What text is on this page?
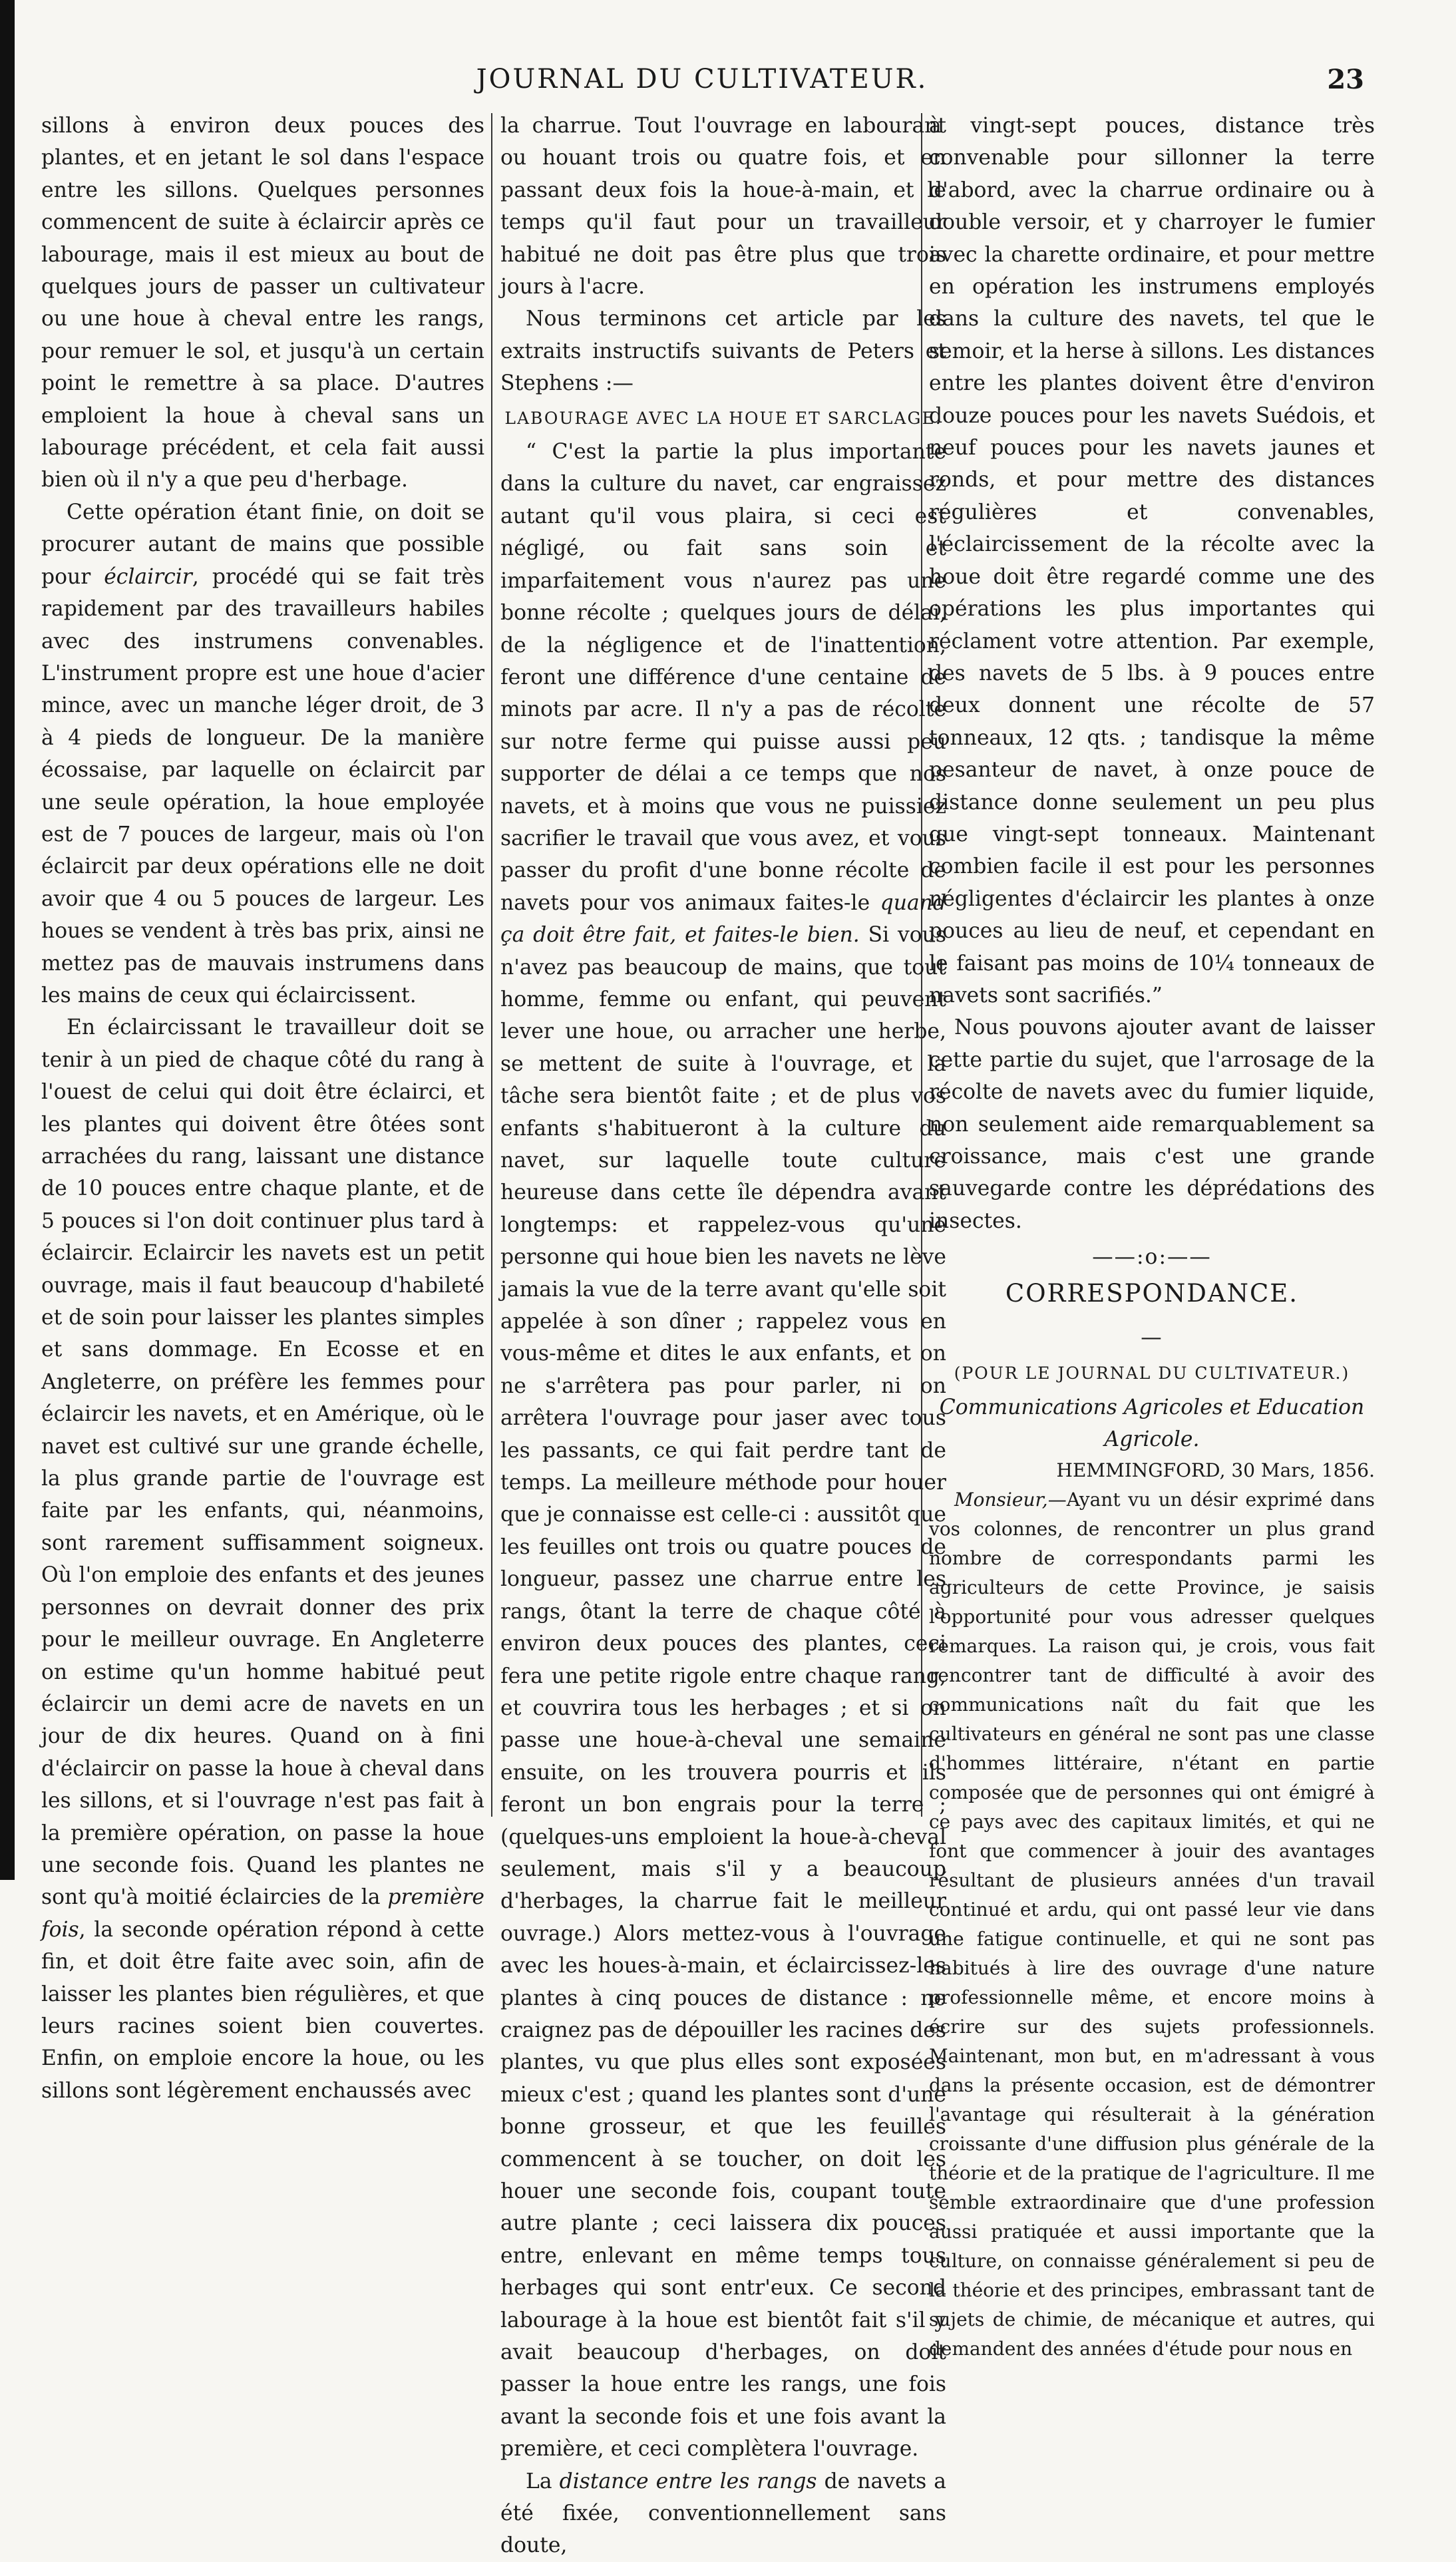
JOURNAL DU CULTIVATEUR.	23

sillons à environ deux pouces des plantes, et en jetant le sol dans l'espace entre les sillons. Quelques personnes commencent de suite à éclaircir après ce labourage, mais il est mieux au bout de quelques jours de passer un cultivateur ou une houe à cheval entre les rangs, pour remuer le sol, et jusqu'à un certain point le remettre à sa place. D'autres emploient la houe à cheval sans un labourage précédent, et cela fait aussi bien où il n'y a que peu d'herbage.

Cette opération étant finie, on doit se procurer autant de mains que possible pour éclaircir, procédé qui se fait très rapidement par des travailleurs habiles avec des instrumens convenables. L'instrument propre est une houe d'acier mince, avec un manche léger droit, de 3 à 4 pieds de longueur. De la manière écossaise, par laquelle on éclaircit par une seule opération, la houe employée est de 7 pouces de largeur, mais où l'on éclaircit par deux opérations elle ne doit avoir que 4 ou 5 pouces de largeur. Les houes se vendent à très bas prix, ainsi ne mettez pas de mauvais instrumens dans les mains de ceux qui éclaircissent.

En éclaircissant le travailleur doit se tenir à un pied de chaque côté du rang à l'ouest de celui qui doit être éclairci, et les plantes qui doivent être ôtées sont arrachées du rang, laissant une distance de 10 pouces entre chaque plante, et de 5 pouces si l'on doit continuer plus tard à éclaircir. Eclaircir les navets est un petit ouvrage, mais il faut beaucoup d'habileté et de soin pour laisser les plantes simples et sans dommage. En Ecosse et en Angleterre, on préfère les femmes pour éclaircir les navets, et en Amérique, où le navet est cultivé sur une grande échelle, la plus grande partie de l'ouvrage est faite par les enfants, qui, néanmoins, sont rarement suffisamment soigneux. Où l'on emploie des enfants et des jeunes personnes on devrait donner des prix pour le meilleur ouvrage. En Angleterre on estime qu'un homme habitué peut éclaircir un demi acre de navets en un jour de dix heures. Quand on à fini d'éclaircir on passe la houe à cheval dans les sillons, et si l'ouvrage n'est pas fait à la première opération, on passe la houe une seconde fois. Quand les plantes ne sont qu'à moitié éclaircies de la première fois, la seconde opération répond à cette fin, et doit être faite avec soin, afin de laisser les plantes bien régulières, et que leurs racines soient bien couvertes. Enfin, on emploie encore la houe, ou les sillons sont légèrement enchaussés avec

la charrue. Tout l'ouvrage en labourant ou houant trois ou quatre fois, et en passant deux fois la houe-à-main, et le temps qu'il faut pour un travailleur habitué ne doit pas être plus que trois jours à l'acre.

Nous terminons cet article par les extraits instructifs suivants de Peters et Stephens :—

LABOURAGE AVEC LA HOUE ET SARCLAGE.

“ C'est la partie la plus importante dans la culture du navet, car engraissez autant qu'il vous plaira, si ceci est négligé, ou fait sans soin et imparfaitement vous n'aurez pas une bonne récolte ; quelques jours de délai, de la négligence et de l'inattention, feront une différence d'une centaine de minots par acre. Il n'y a pas de récolte sur notre ferme qui puisse aussi peu supporter de délai a ce temps que nos navets, et à moins que vous ne puissiez sacrifier le travail que vous avez, et vous passer du profit d'une bonne récolte de navets pour vos animaux faites-le quand ça doit être fait, et faites-le bien. Si vous n'avez pas beaucoup de mains, que tout homme, femme ou enfant, qui peuvent lever une houe, ou arracher une herbe, se mettent de suite à l'ouvrage, et la tâche sera bientôt faite ; et de plus vos enfants s'habitueront à la culture du navet, sur laquelle toute culture heureuse dans cette île dépendra avant longtemps: et rappelez-vous qu'une personne qui houe bien les navets ne lève jamais la vue de la terre avant qu'elle soit appelée à son dîner ; rappelez vous en vous-même et dites le aux enfants, et on ne s'arrêtera pas pour parler, ni on arrêtera l'ouvrage pour jaser avec tous les passants, ce qui fait perdre tant de temps. La meilleure méthode pour houer que je connaisse est celle-ci : aussitôt que les feuilles ont trois ou quatre pouces de longueur, passez une charrue entre les rangs, ôtant la terre de chaque côté à environ deux pouces des plantes, ceci fera une petite rigole entre chaque rang, et couvrira tous les herbages ; et si on passe une houe-à-cheval une semaine ensuite, on les trouvera pourris et ils feront un bon engrais pour la terre ; (quelques-uns emploient la houe-à-cheval seulement, mais s'il y a beaucoup d'herbages, la charrue fait le meilleur ouvrage.) Alors mettez-vous à l'ouvrage avec les houes-à-main, et éclaircissez-les plantes à cinq pouces de distance : ne craignez pas de dépouiller les racines des plantes, vu que plus elles sont exposées mieux c'est ; quand les plantes sont d'une bonne grosseur, et que les feuilles commencent à se toucher, on doit les houer une seconde fois, coupant toute autre plante ; ceci laissera dix pouces entre, enlevant en même temps tous herbages qui sont entr'eux. Ce second labourage à la houe est bientôt fait s'il y avait beaucoup d'herbages, on doit passer la houe entre les rangs, une fois avant la seconde fois et une fois avant la première, et ceci complètera l'ouvrage.

La distance entre les rangs de navets a été fixée, conventionnellement sans doute,

à vingt-sept pouces, distance très convenable pour sillonner la terre d'abord, avec la charrue ordinaire ou à double versoir, et y charroyer le fumier avec la charette ordinaire, et pour mettre en opération les instrumens employés dans la culture des navets, tel que le semoir, et la herse à sillons. Les distances entre les plantes doivent être d'environ douze pouces pour les navets Suédois, et neuf pouces pour les navets jaunes et ronds, et pour mettre des distances régulières et convenables, l'éclaircissement de la récolte avec la houe doit être regardé comme une des opérations les plus importantes qui réclament votre attention. Par exemple, des navets de 5 lbs. à 9 pouces entre deux donnent une récolte de 57 tonneaux, 12 qts. ; tandisque la même pesanteur de navet, à onze pouce de distance donne seulement un peu plus que vingt-sept tonneaux. Maintenant combien facile il est pour les personnes négligentes d'éclaircir les plantes à onze pouces au lieu de neuf, et cependant en le faisant pas moins de 10¼ tonneaux de navets sont sacrifiés.”

Nous pouvons ajouter avant de laisser cette partie du sujet, que l'arrosage de la récolte de navets avec du fumier liquide, non seulement aide remarquablement sa croissance, mais c'est une grande sauvegarde contre les déprédations des insectes.

——:o:——
CORRESPONDANCE.
—
(POUR LE JOURNAL DU CULTIVATEUR.)
Communications Agricoles et Education Agricole.
HEMMINGFORD, 30 Mars, 1856.

Monsieur,—Ayant vu un désir exprimé dans vos colonnes, de rencontrer un plus grand nombre de correspondants parmi les agriculteurs de cette Province, je saisis l'opportunité pour vous adresser quelques remarques. La raison qui, je crois, vous fait rencontrer tant de difficulté à avoir des communications naît du fait que les cultivateurs en général ne sont pas une classe d'hommes littéraire, n'étant en partie composée que de personnes qui ont émigré à ce pays avec des capitaux limités, et qui ne font que commencer à jouir des avantages résultant de plusieurs années d'un travail continué et ardu, qui ont passé leur vie dans une fatigue continuelle, et qui ne sont pas habitués à lire des ouvrage d'une nature professionnelle même, et encore moins à écrire sur des sujets professionnels. Maintenant, mon but, en m'adressant à vous dans la présente occasion, est de démontrer l'avantage qui résulterait à la génération croissante d'une diffusion plus générale de la théorie et de la pratique de l'agriculture. Il me semble extraordinaire que d'une profession aussi pratiquée et aussi importante que la culture, on connaisse généralement si peu de la théorie et des principes, embrassant tant de sujets de chimie, de mécanique et autres, qui demandent des années d'étude pour nous en
